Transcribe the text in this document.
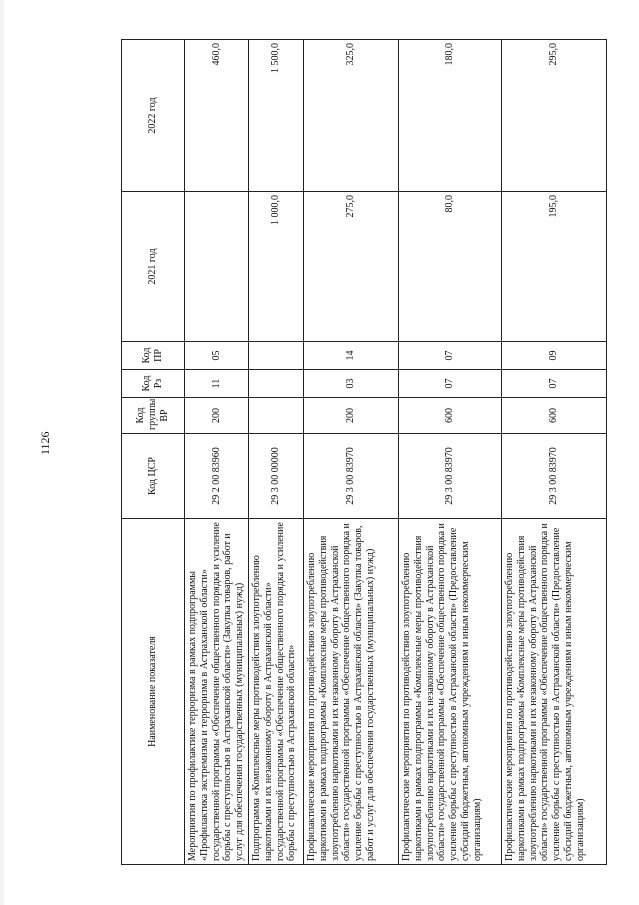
1126
Наименование показателя	Код ЦСР	Код группы ВР	Код Рз	Код ПР	2021 год	2022 год
Мероприятия по профилактике терроризма в рамках подпрограммы «Профилактика экстремизма и терроризма в Астраханской области» государственной программы «Обеспечение общественного порядка и усиление борьбы с преступностью в Астраханской области» (Закупка товаров, работ и услуг для обеспечения государственных (муниципальных) нужд)	29 2 00 83960	200	11	05		460,0
Подпрограмма «Комплексные меры противодействия злоупотреблению наркотиками и их незаконному обороту в Астраханской области» государственной программы «Обеспечение общественного порядка и усиление борьбы с преступностью в Астраханской области»	29 3 00 00000				1 000,0	1 500,0
Профилактические мероприятия по противодействию злоупотреблению наркотиками в рамках подпрограммы «Комплексные меры противодействия злоупотреблению наркотиками и их незаконному обороту в Астраханской области» государственной программы «Обеспечение общественного порядка и усиление борьбы с преступностью в Астраханской области» (Закупка товаров, работ и услуг для обеспечения государственных (муниципальных) нужд)	29 3 00 83970	200	03	14	275,0	325,0
Профилактические мероприятия по противодействию злоупотреблению наркотиками в рамках подпрограммы «Комплексные меры противодействия злоупотреблению наркотиками и их незаконному обороту в Астраханской области» государственной программы «Обеспечение общественного порядка и усиление борьбы с преступностью в Астраханской области» (Предоставление субсидий бюджетным, автономным учреждениям и иным некоммерческим организациям)	29 3 00 83970	600	07	07	80,0	180,0
Профилактические мероприятия по противодействию злоупотреблению наркотиками в рамках подпрограммы «Комплексные меры противодействия злоупотреблению наркотиками и их незаконному обороту в Астраханской области» государственной программы «Обеспечение общественного порядка и усиление борьбы с преступностью в Астраханской области» (Предоставление субсидий бюджетным, автономным учреждениям и иным некоммерческим организациям)	29 3 00 83970	600	07	09	195,0	295,0
